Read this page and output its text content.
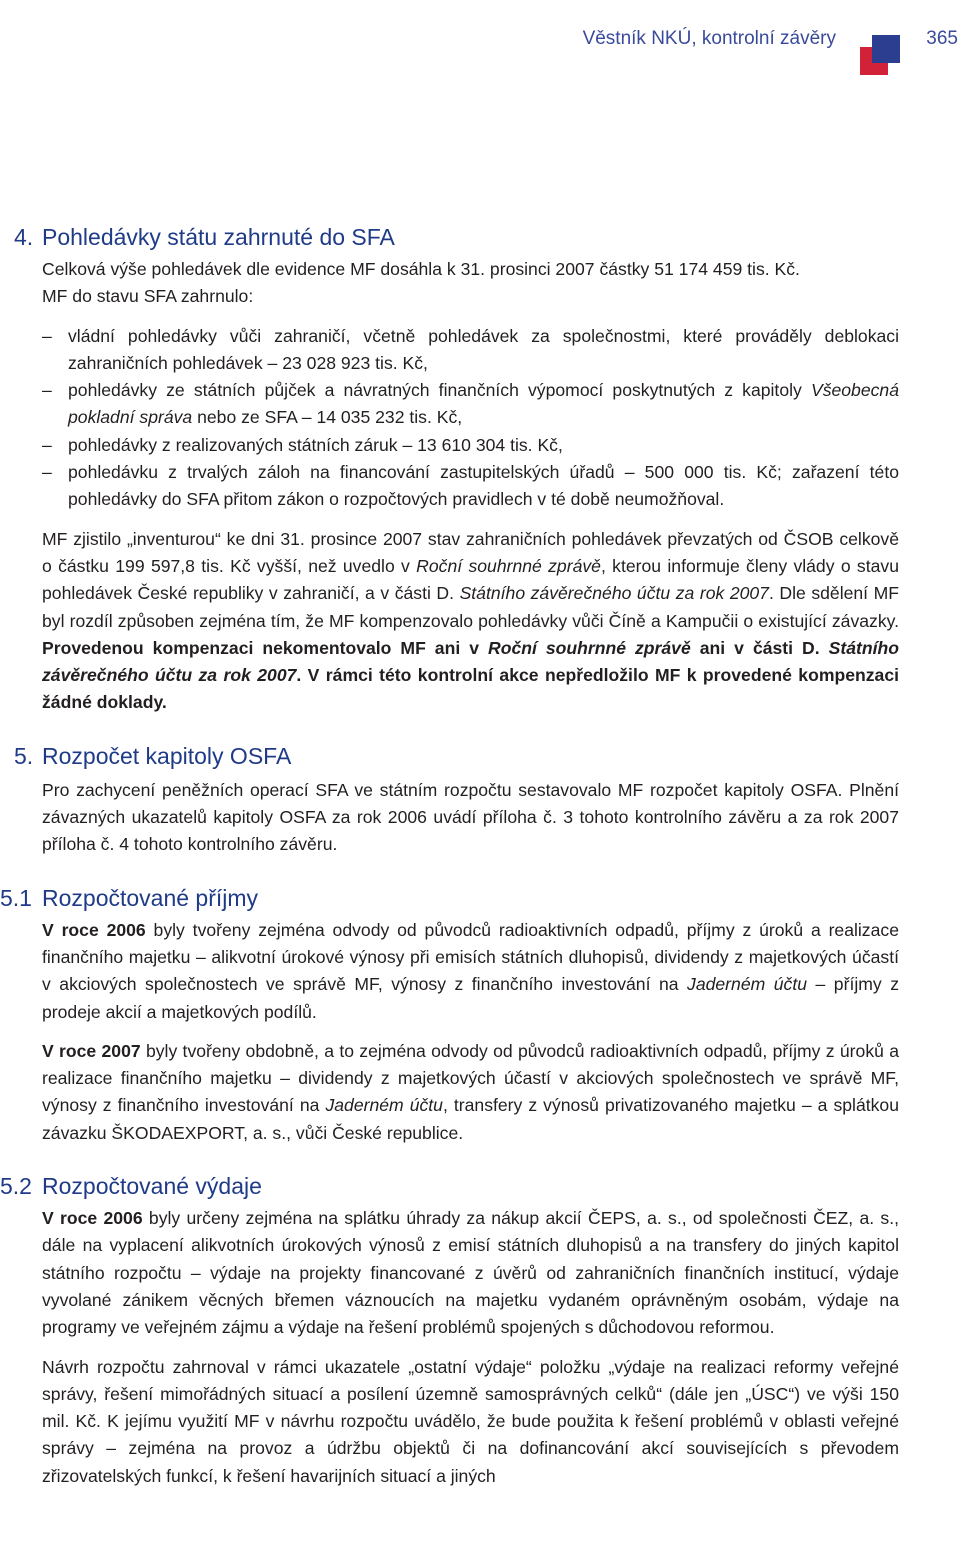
Věstník NKÚ, kontrolní závěry	365
4. Pohledávky státu zahrnuté do SFA

Celková výše pohledávek dle evidence MF dosáhla k 31. prosinci 2007 částky 51 174 459 tis. Kč.

MF do stavu SFA zahrnulo:

– vládní pohledávky vůči zahraničí, včetně pohledávek za společnostmi, které prováděly deblokaci zahraničních pohledávek – 23 028 923 tis. Kč,
– pohledávky ze státních půjček a návratných finančních výpomocí poskytnutých z kapitoly Všeobecná pokladní správa nebo ze SFA – 14 035 232 tis. Kč,
– pohledávky z realizovaných státních záruk – 13 610 304 tis. Kč,
– pohledávku z trvalých záloh na financování zastupitelských úřadů – 500 000 tis. Kč; zařazení této pohledávky do SFA přitom zákon o rozpočtových pravidlech v té době neumožňoval.

MF zjistilo „inventurou“ ke dni 31. prosince 2007 stav zahraničních pohledávek převzatých od ČSOB celkově o částku 199 597,8 tis. Kč vyšší, než uvedlo v Roční souhrnné zprávě, kterou informuje členy vlády o stavu pohledávek České republiky v zahraničí, a v části D. Státního závěrečného účtu za rok 2007. Dle sdělení MF byl rozdíl způsoben zejména tím, že MF kompenzovalo pohledávky vůči Číně a Kampučii o existující závazky. Provedenou kompenzaci nekomentovalo MF ani v Roční souhrnné zprávě ani v části D. Státního závěrečného účtu za rok 2007. V rámci této kontrolní akce nepředložilo MF k provedené kompenzaci žádné doklady.

5. Rozpočet kapitoly OSFA

Pro zachycení peněžních operací SFA ve státním rozpočtu sestavovalo MF rozpočet kapitoly OSFA. Plnění závazných ukazatelů kapitoly OSFA za rok 2006 uvádí příloha č. 3 tohoto kontrolního závěru a za rok 2007 příloha č. 4 tohoto kontrolního závěru.

5.1 Rozpočtované příjmy

V roce 2006 byly tvořeny zejména odvody od původců radioaktivních odpadů, příjmy z úroků a realizace finančního majetku – alikvotní úrokové výnosy při emisích státních dluhopisů, dividendy z majetkových účastí v akciových společnostech ve správě MF, výnosy z finančního investování na Jaderném účtu – příjmy z prodeje akcií a majetkových podílů.

V roce 2007 byly tvořeny obdobně, a to zejména odvody od původců radioaktivních odpadů, příjmy z úroků a realizace finančního majetku – dividendy z majetkových účastí v akciových společnostech ve správě MF, výnosy z finančního investování na Jaderném účtu, transfery z výnosů privatizovaného majetku – a splátkou závazku ŠKODAEXPORT, a. s., vůči České republice.

5.2 Rozpočtované výdaje

V roce 2006 byly určeny zejména na splátku úhrady za nákup akcií ČEPS, a. s., od společnosti ČEZ, a. s., dále na vyplacení alikvotních úrokových výnosů z emisí státních dluhopisů a na transfery do jiných kapitol státního rozpočtu – výdaje na projekty financované z úvěrů od zahraničních finančních institucí, výdaje vyvolané zánikem věcných břemen váznoucích na majetku vydaném oprávněným osobám, výdaje na programy ve veřejném zájmu a výdaje na řešení problémů spojených s důchodovou reformou.

Návrh rozpočtu zahrnoval v rámci ukazatele „ostatní výdaje“ položku „výdaje na realizaci reformy veřejné správy, řešení mimořádných situací a posílení územně samosprávných celků“ (dále jen „ÚSC“) ve výši 150 mil. Kč. K jejímu využití MF v návrhu rozpočtu uvádělo, že bude použita k řešení problémů v oblasti veřejné správy – zejména na provoz a údržbu objektů či na dofinancování akcí souvisejících s převodem zřizovatelských funkcí, k řešení havarijních situací a jiných
